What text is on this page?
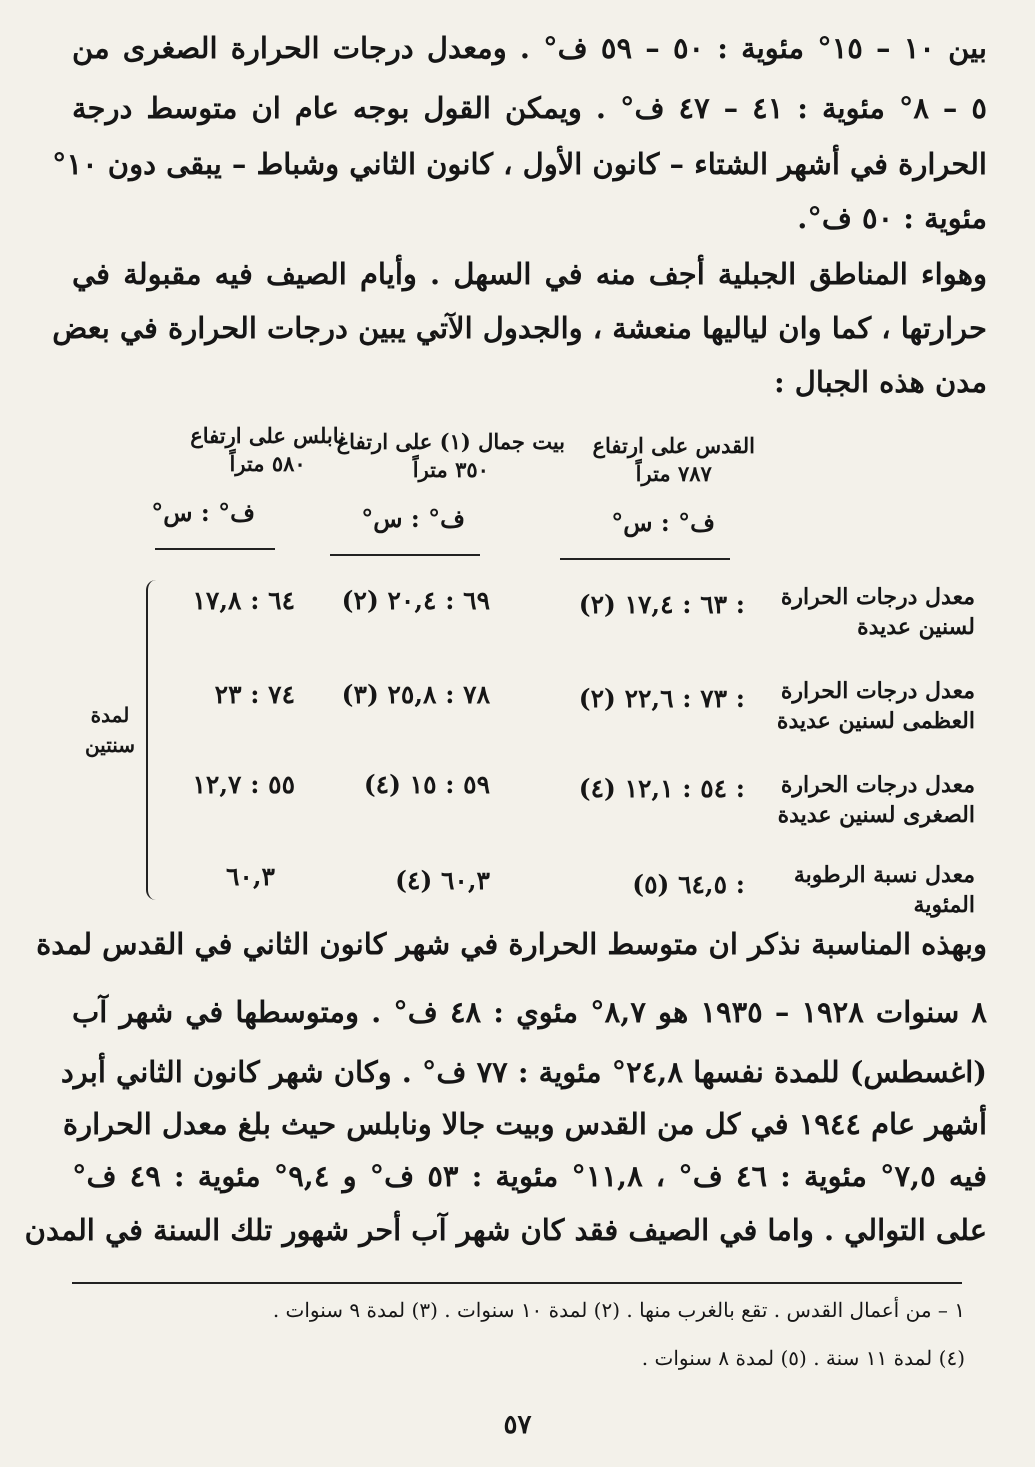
بين ١٠ – ١٥° مئوية : ٥٠ – ٥٩ ف° . ومعدل درجات الحرارة الصغرى من
٥ – ٨° مئوية : ٤١ – ٤٧ ف° . ويمكن القول بوجه عام ان متوسط درجة
الحرارة في أشهر الشتاء – كانون الأول ، كانون الثاني وشباط – يبقى دون ١٠°
مئوية : ٥٠ ف°.
وهواء المناطق الجبلية أجف منه في السهل . وأيام الصيف فيه مقبولة في
حرارتها ، كما وان لياليها منعشة ، والجدول الآتي يبين درجات الحرارة في بعض
مدن هذه الجبال :
القدس على ارتفاع
٧٨٧ متراً
بيت جمال (١) على ارتفاع
٣٥٠ متراً
نابلس على ارتفاع
٥٨٠ متراً
ف° : س°
ف° : س°
ف° : س°
معدل درجات الحرارة لسنين عديدة
: ٦٣ : ١٧,٤ (٢)
٦٩ : ٢٠,٤ (٢)
٦٤ : ١٧,٨
معدل درجات الحرارة العظمى لسنين عديدة
: ٧٣ : ٢٢,٦ (٢)
٧٨ : ٢٥,٨ (٣)
٧٤ : ٢٣
معدل درجات الحرارة الصغرى لسنين عديدة
: ٥٤ : ١٢,١ (٤)
٥٩ : ١٥ (٤)
٥٥ : ١٢,٧
معدل نسبة الرطوبة المئوية
: ٦٤,٥ (٥)
٦٠,٣ (٤)
٦٠,٣
لمدة سنتين
وبهذه المناسبة نذكر ان متوسط الحرارة في شهر كانون الثاني في القدس لمدة
٨ سنوات ١٩٢٨ – ١٩٣٥ هو ٨,٧° مئوي : ٤٨ ف° . ومتوسطها في شهر آب
(اغسطس) للمدة نفسها ٢٤,٨° مئوية : ٧٧ ف° . وكان شهر كانون الثاني أبرد
أشهر عام ١٩٤٤ في كل من القدس وبيت جالا ونابلس حيث بلغ معدل الحرارة
فيه ٧,٥° مئوية : ٤٦ ف° ، ١١,٨° مئوية : ٥٣ ف° و ٩,٤° مئوية : ٤٩ ف°
على التوالي . واما في الصيف فقد كان شهر آب أحر شهور تلك السنة في المدن
١ – من أعمال القدس . تقع بالغرب منها . (٢) لمدة ١٠ سنوات . (٣) لمدة ٩ سنوات .
(٤) لمدة ١١ سنة . (٥) لمدة ٨ سنوات .
٥٧
